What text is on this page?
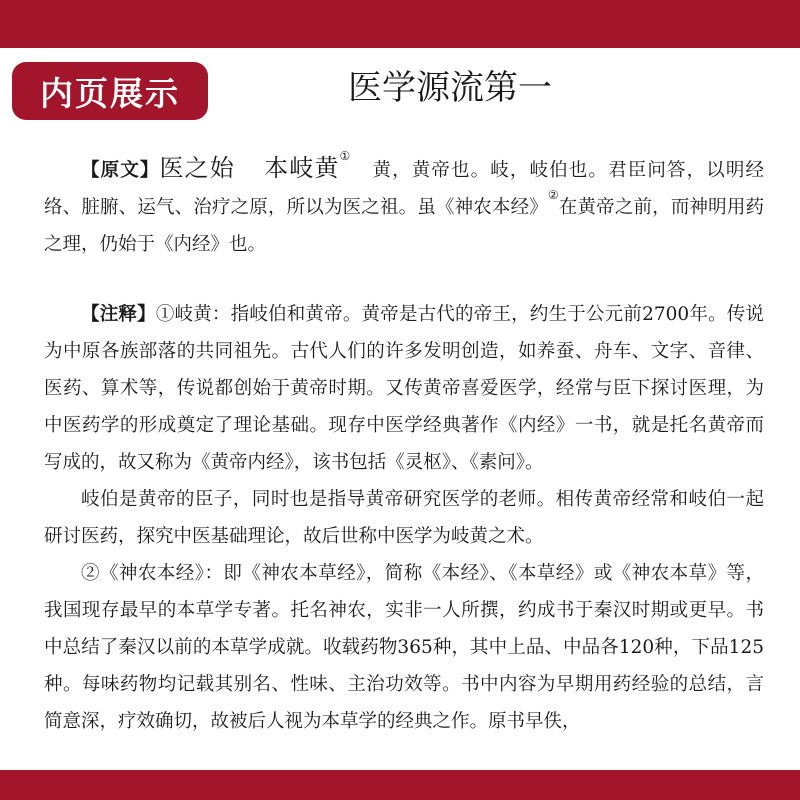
内页展示	医学源流第一

【原文】医之始 本岐黄①黄，黄帝也。岐，岐伯也。君臣问答，以明经络、脏腑、运气、治疗之原，所以为医之祖。虽《神农本经》②在黄帝之前，而神明用药之理，仍始于《内经》也。

【注释】①岐黄：指岐伯和黄帝。黄帝是古代的帝王，约生于公元前2700年。传说为中原各族部落的共同祖先。古代人们的许多发明创造，如养蚕、舟车、文字、音律、医药、算术等，传说都创始于黄帝时期。又传黄帝喜爱医学，经常与臣下探讨医理，为中医药学的形成奠定了理论基础。现存中医学经典著作《内经》一书，就是托名黄帝而写成的，故又称为《黄帝内经》，该书包括《灵枢》、《素问》。

岐伯是黄帝的臣子，同时也是指导黄帝研究医学的老师。相传黄帝经常和岐伯一起研讨医药，探究中医基础理论，故后世称中医学为岐黄之术。

②《神农本经》：即《神农本草经》，简称《本经》、《本草经》或《神农本草》等，我国现存最早的本草学专著。托名神农，实非一人所撰，约成书于秦汉时期或更早。书中总结了秦汉以前的本草学成就。收载药物365种，其中上品、中品各120种，下品125种。每味药物均记载其别名、性味、主治功效等。书中内容为早期用药经验的总结，言简意深，疗效确切，故被后人视为本草学的经典之作。原书早佚，
